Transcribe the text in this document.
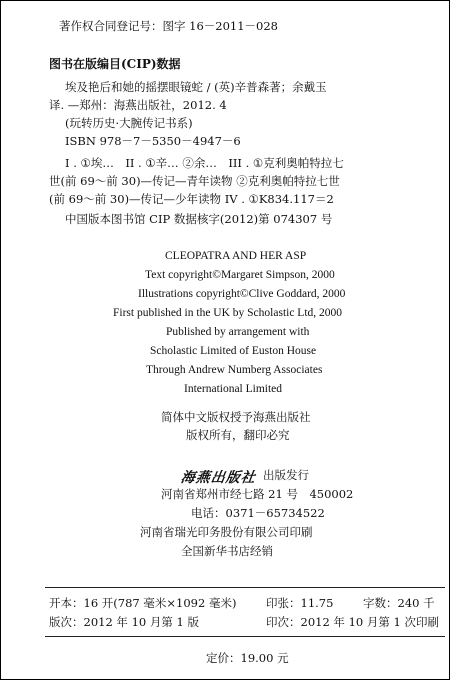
著作权合同登记号：图字 16－2011－028
图书在版编目(CIP)数据
埃及艳后和她的摇摆眼镜蛇 / (英)辛普森著；余戴玉
译. —郑州：海燕出版社，2012. 4
(玩转历史·大腕传记书系)
ISBN 978－7－5350－4947－6
I . ①埃…　II . ①辛… ②余…　III . ①克利奥帕特拉七
世(前 69～前 30)—传记—青年读物 ②克利奥帕特拉七世
(前 69～前 30)—传记—少年读物 IV . ①K834.117＝2
中国版本图书馆 CIP 数据核字(2012)第 074307 号
CLEOPATRA AND HER ASP
Text copyright©Margaret Simpson, 2000
Illustrations copyright©Clive Goddard, 2000
First published in the UK by Scholastic Ltd, 2000
Published by arrangement with
Scholastic Limited of Euston House
Through Andrew Numberg Associates
International Limited
简体中文版权授予海燕出版社
版权所有，翻印必究
海燕出版社 出版发行
河南省郑州市经七路 21 号　450002
电话：0371－65734522
河南省瑞光印务股份有限公司印刷
全国新华书店经销
开本：16 开(787 毫米×1092 毫米)	印张：11.75	字数：240 千
版次：2012 年 10 月第 1 版	印次：2012 年 10 月第 1 次印刷
定价：19.00 元
